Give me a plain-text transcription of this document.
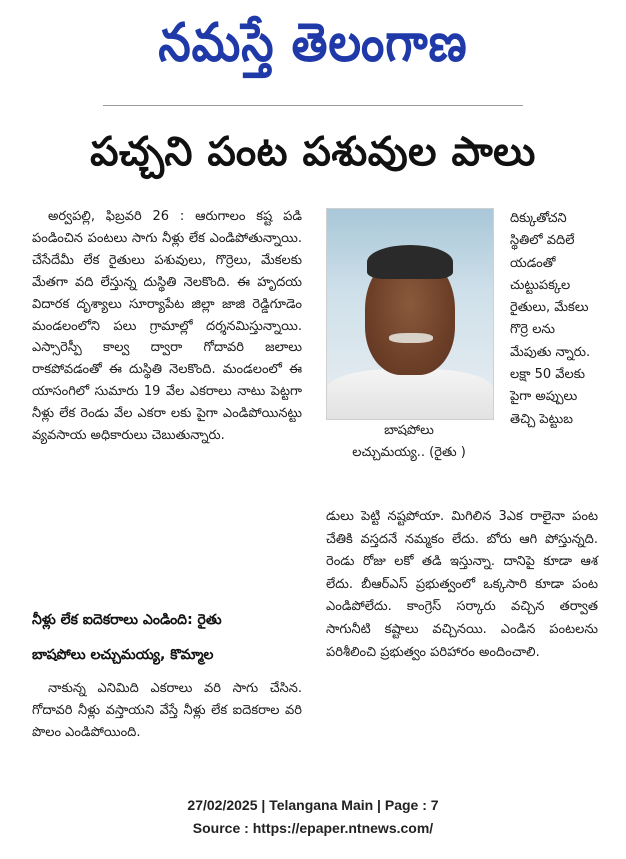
నమస్తే తెలంగాణ
పచ్చని పంట పశువుల పాలు

అర్వపల్లి, ఫిబ్రవరి 26 : ఆరుగాలం కష్ట పడి పండించిన పంటలు సాగు నీళ్లు లేక ఎండిపోతున్నాయి. చేసేదేమీ లేక రైతులు పశువులు, గొర్రెలు, మేకలకు మేతగా వది లేస్తున్న దుస్థితి నెలకొంది. ఈ హృదయ విదారక దృశ్యాలు సూర్యాపేట జిల్లా జాజి రెడ్డిగూడెం మండలంలోని పలు గ్రామాల్లో దర్శనమిస్తున్నాయి. ఎస్సారెస్పీ కాల్వ ద్వారా గోదావరి జలాలు రాకపోవడంతో ఈ దుస్థితి నెలకొంది. మండలంలో ఈ యాసంగిలో సుమారు 19 వేల ఎకరాలు నాటు పెట్టగా నీళ్లు లేక రెండు వేల ఎకరా లకు పైగా ఎండిపోయినట్టు వ్యవసాయ అధికారులు చెబుతున్నారు.

నీళ్లు లేక ఐదెకరాలు ఎండింది: రైతు
బాషపోలు లచ్చుమయ్య, కొమ్మాల

నాకున్న ఎనిమిది ఎకరాలు వరి సాగు చేసిన. గోదావరి నీళ్లు వస్తాయని వేస్తే నీళ్లు లేక ఐదెకరాల వరి పొలం ఎండిపోయింది.

బాషపోలు
లచ్చుమయ్య.. (రైతు )

దిక్కుతోచని స్థితిలో వదిలే యడంతో చుట్టుపక్కల రైతులు, మేకలు గొర్రె లను మేపుతు న్నారు. లక్షా 50 వేలకు పైగా అప్పులు తెచ్చి పెట్టుబ

డులు పెట్టి నష్టపోయా. మిగిలిన 3ఎక రాలైనా పంట చేతికి వస్తదనే నమ్మకం లేదు. బోరు ఆగి పోస్తున్నది. రెండు రోజు లకో తడి ఇస్తున్నా. దానిపై కూడా ఆశ లేదు. బీఆర్ఎస్ ప్రభుత్వంలో ఒక్కసారి కూడా పంట ఎండిపోలేదు. కాంగ్రెస్ సర్కారు వచ్చిన తర్వాత సాగునీటి కష్టాలు వచ్చినయి. ఎండిన పంటలను పరిశీలించి ప్రభుత్వం పరిహారం అందించాలి.

27/02/2025 | Telangana Main | Page : 7
Source : https://epaper.ntnews.com/
